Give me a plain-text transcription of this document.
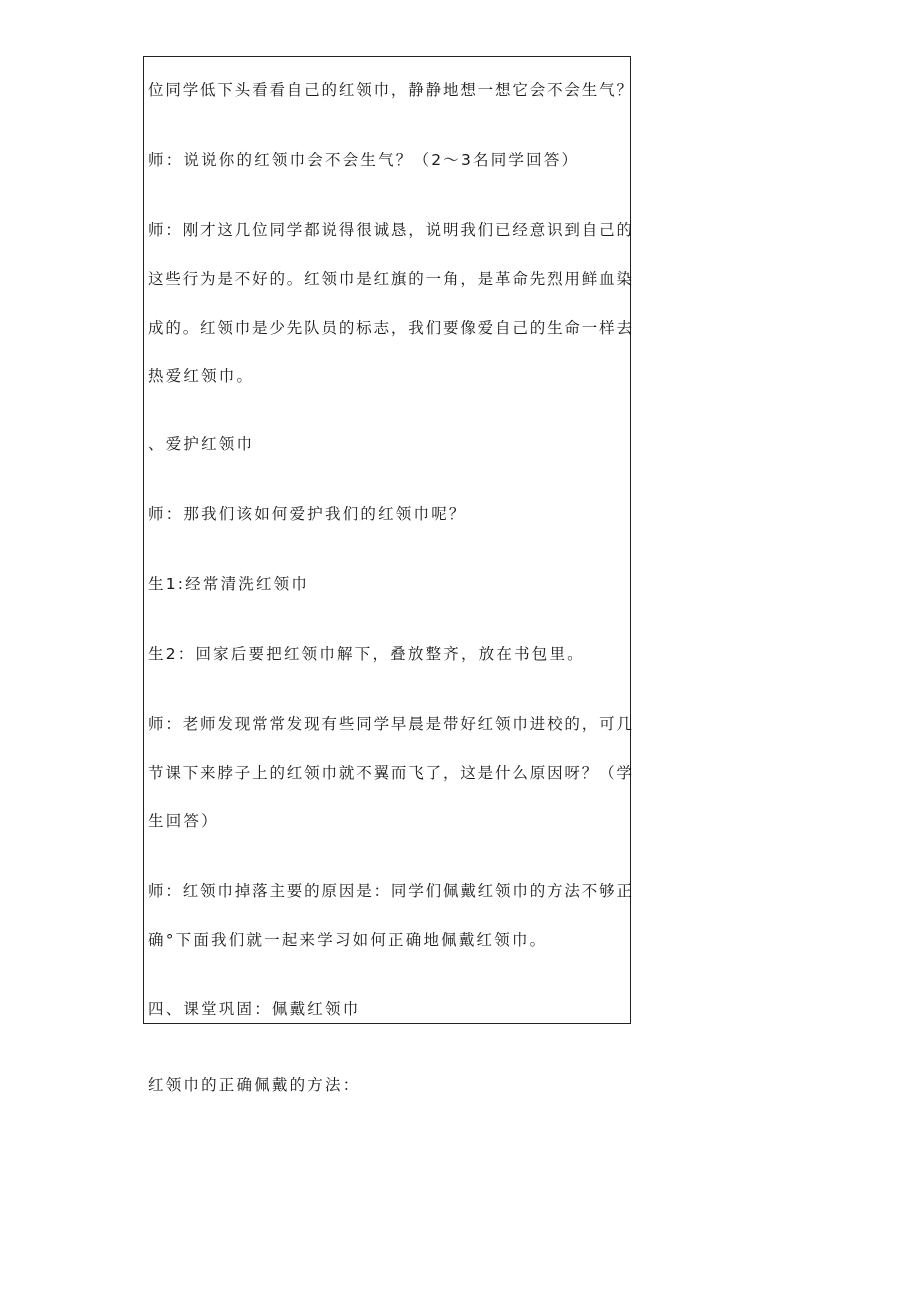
位同学低下头看看自己的红领巾，静静地想一想它会不会生气？
师：说说你的红领巾会不会生气？（2〜3名同学回答）
师：刚才这几位同学都说得很诚恳，说明我们已经意识到自己的
这些行为是不好的。红领巾是红旗的一角，是革命先烈用鲜血染
成的。红领巾是少先队员的标志，我们要像爱自己的生命一样去
热爱红领巾。
、爱护红领巾
师：那我们该如何爱护我们的红领巾呢？
生1:经常清洗红领巾
生2：回家后要把红领巾解下，叠放整齐，放在书包里。
师：老师发现常常发现有些同学早晨是带好红领巾进校的，可几
节课下来脖子上的红领巾就不翼而飞了，这是什么原因呀？（学
生回答）
师：红领巾掉落主要的原因是：同学们佩戴红领巾的方法不够正
确°下面我们就一起来学习如何正确地佩戴红领巾。
四、课堂巩固：佩戴红领巾
红领巾的正确佩戴的方法：
